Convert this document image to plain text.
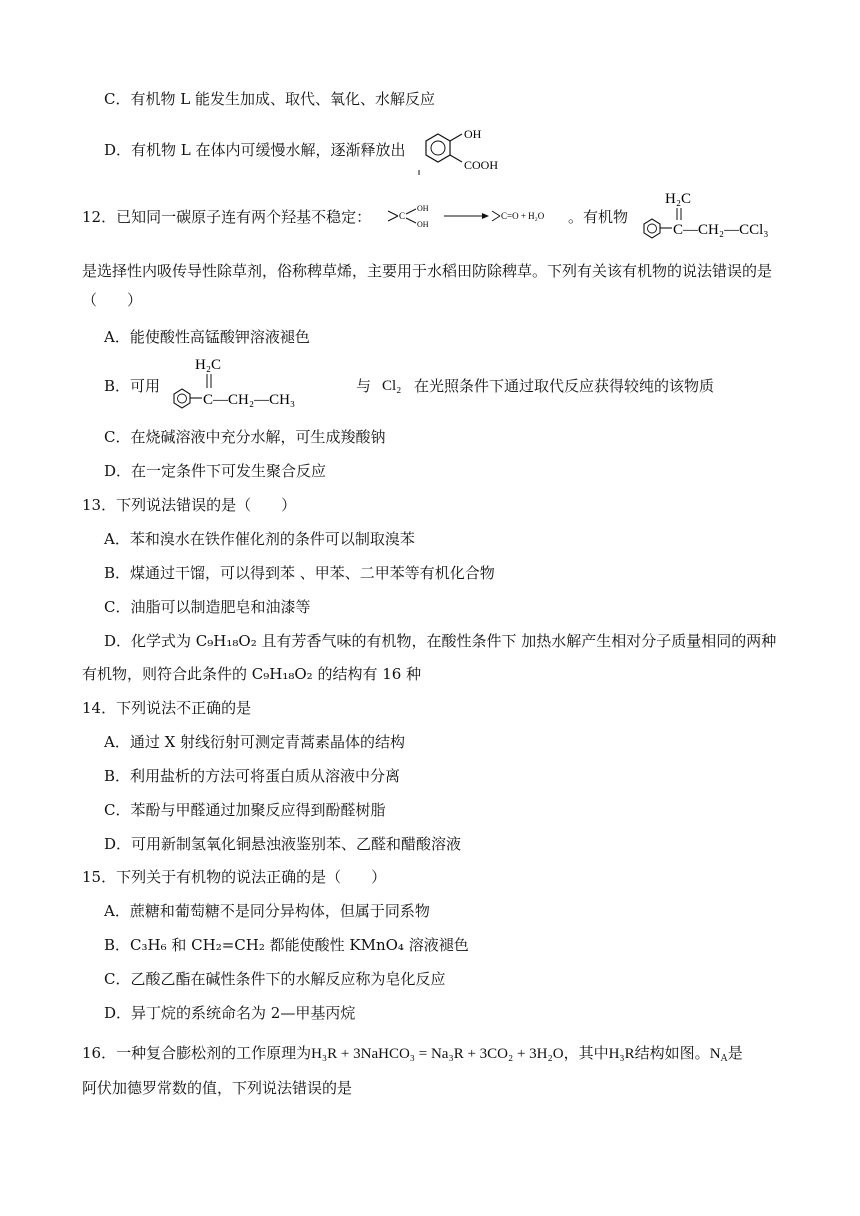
C．有机物 L 能发生加成、取代、氧化、水解反应
D．有机物 L 在体内可缓慢水解，逐渐释放出
OH
COOH
12．已知同一碳原子连有两个羟基不稳定：	C
OH
OH
C=O + H₂O 。有机物
H₂C
C—CH₂—CCl₃
是选择性内吸传导性除草剂，俗称稗草烯，主要用于水稻田防除稗草。下列有关该有机物的说法错误的是
（　　）
A．能使酸性高锰酸钾溶液褪色
B．可用
H₂C
C—CH₂—CH₃
与 Cl₂ 在光照条件下通过取代反应获得较纯的该物质
C．在烧碱溶液中充分水解，可生成羧酸钠
D．在一定条件下可发生聚合反应
13．下列说法错误的是（　　）
A．苯和溴水在铁作催化剂的条件可以制取溴苯
B．煤通过干馏，可以得到苯 、甲苯、二甲苯等有机化合物
C．油脂可以制造肥皂和油漆等
D．化学式为 C₉H₁₈O₂ 且有芳香气味的有机物，在酸性条件下 加热水解产生相对分子质量相同的两种
有机物，则符合此条件的 C₉H₁₈O₂ 的结构有 16 种
14．下列说法不正确的是
A．通过 X 射线衍射可测定青蒿素晶体的结构
B．利用盐析的方法可将蛋白质从溶液中分离
C．苯酚与甲醛通过加聚反应得到酚醛树脂
D．可用新制氢氧化铜悬浊液鉴别苯、乙醛和醋酸溶液
15．下列关于有机物的说法正确的是（　　）
A．蔗糖和葡萄糖不是同分异构体，但属于同系物
B．C₃H₆ 和 CH₂=CH₂ 都能使酸性 KMnO₄ 溶液褪色
C．乙酸乙酯在碱性条件下的水解反应称为皂化反应
D．异丁烷的系统命名为 2—甲基丙烷
16．一种复合膨松剂的工作原理为H₃R + 3NaHCO₃ = Na₃R + 3CO₂ + 3H₂O，其中H₃R结构如图。$N_A$是
阿伏加德罗常数的值，下列说法错误的是
